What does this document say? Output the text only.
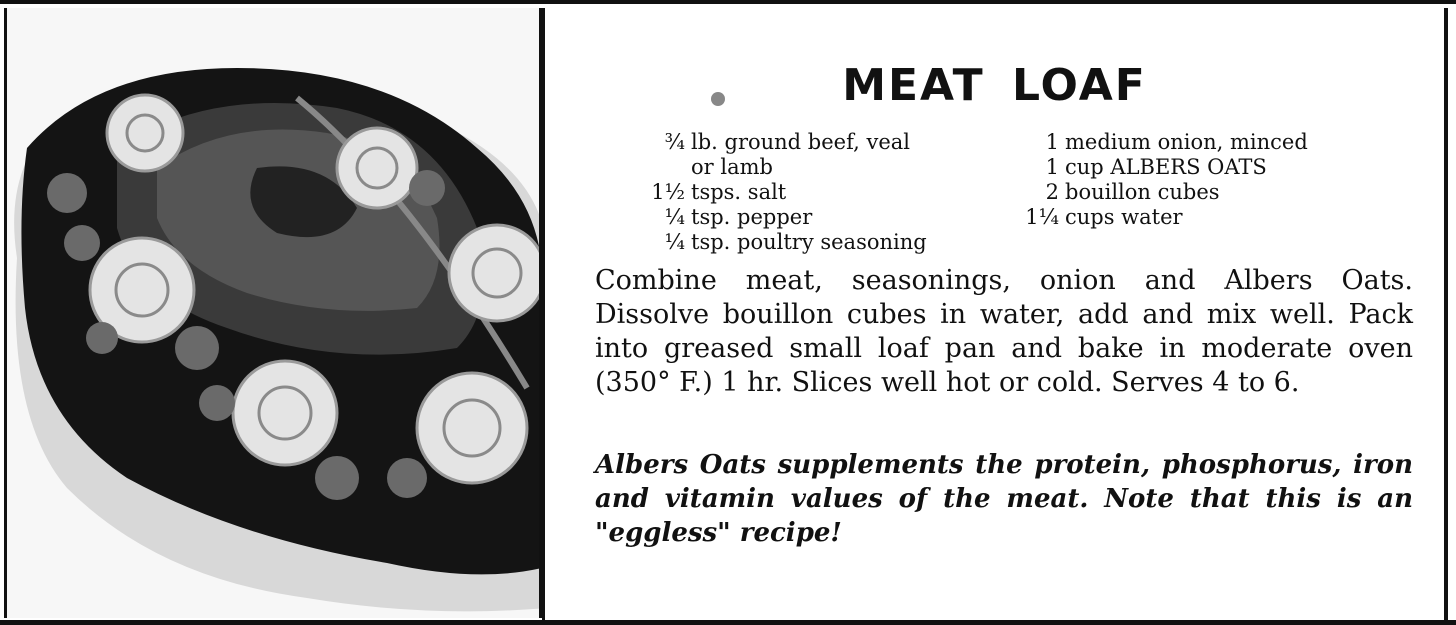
MEAT LOAF
¾ lb. ground beef, veal
or lamb
1½ tsps. salt
¼ tsp. pepper
¼ tsp. poultry seasoning
1 medium onion, minced
1 cup ALBERS OATS
2 bouillon cubes
1¼ cups water

Combine meat, seasonings, onion and Albers Oats. Dissolve bouillon cubes in water, add and mix well. Pack into greased small loaf pan and bake in moderate oven (350° F.) 1 hr. Slices well hot or cold. Serves 4 to 6.

Albers Oats supplements the protein, phosphorus, iron and vitamin values of the meat. Note that this is an "eggless" recipe!
